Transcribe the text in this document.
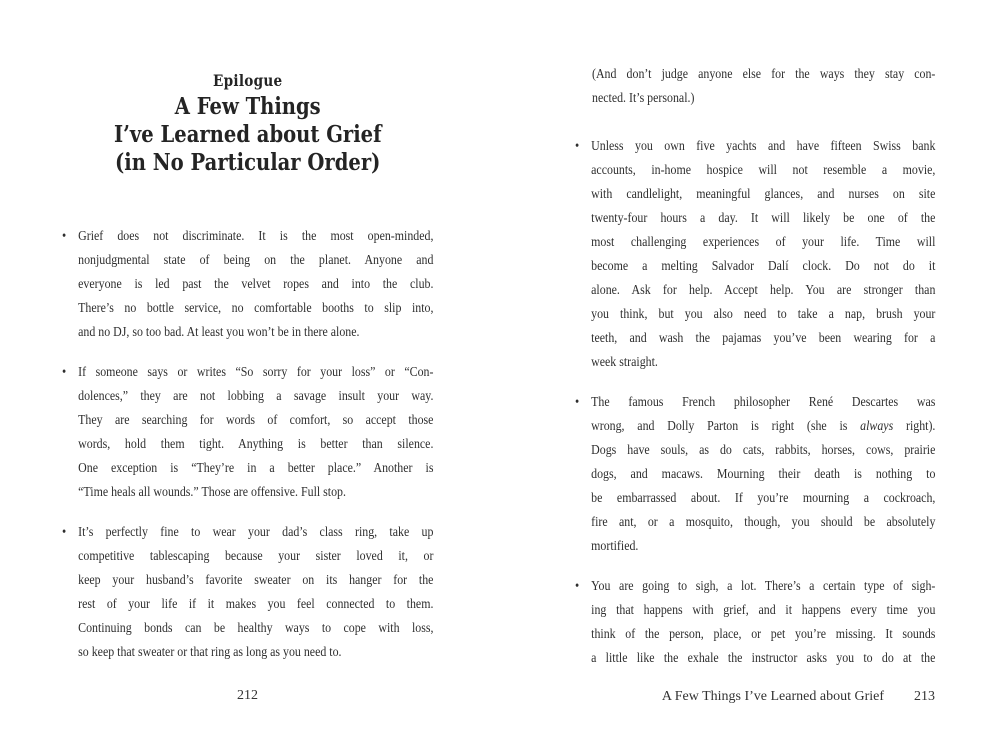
Epilogue
A Few Things
I’ve Learned about Grief
(in No Particular Order)
• Grief does not discriminate. It is the most open-minded,
nonjudgmental state of being on the planet. Anyone and
everyone is led past the velvet ropes and into the club.
There’s no bottle service, no comfortable booths to slip into,
and no DJ, so too bad. At least you won’t be in there alone.
• If someone says or writes “So sorry for your loss” or “Con-
dolences,” they are not lobbing a savage insult your way.
They are searching for words of comfort, so accept those
words, hold them tight. Anything is better than silence.
One exception is “They’re in a better place.” Another is
“Time heals all wounds.” Those are offensive. Full stop.
• It’s perfectly fine to wear your dad’s class ring, take up
competitive tablescaping because your sister loved it, or
keep your husband’s favorite sweater on its hanger for the
rest of your life if it makes you feel connected to them.
Continuing bonds can be healthy ways to cope with loss,
so keep that sweater or that ring as long as you need to.
212
(And don’t judge anyone else for the ways they stay con-
nected. It’s personal.)
• Unless you own five yachts and have fifteen Swiss bank
accounts, in-home hospice will not resemble a movie,
with candlelight, meaningful glances, and nurses on site
twenty-four hours a day. It will likely be one of the
most challenging experiences of your life. Time will
become a melting Salvador Dalí clock. Do not do it
alone. Ask for help. Accept help. You are stronger than
you think, but you also need to take a nap, brush your
teeth, and wash the pajamas you’ve been wearing for a
week straight.
• The famous French philosopher René Descartes was
wrong, and Dolly Parton is right (she is always right).
Dogs have souls, as do cats, rabbits, horses, cows, prairie
dogs, and macaws. Mourning their death is nothing to
be embarrassed about. If you’re mourning a cockroach,
fire ant, or a mosquito, though, you should be absolutely
mortified.
• You are going to sigh, a lot. There’s a certain type of sigh-
ing that happens with grief, and it happens every time you
think of the person, place, or pet you’re missing. It sounds
a little like the exhale the instructor asks you to do at the
A Few Things I’ve Learned about Grief 213
